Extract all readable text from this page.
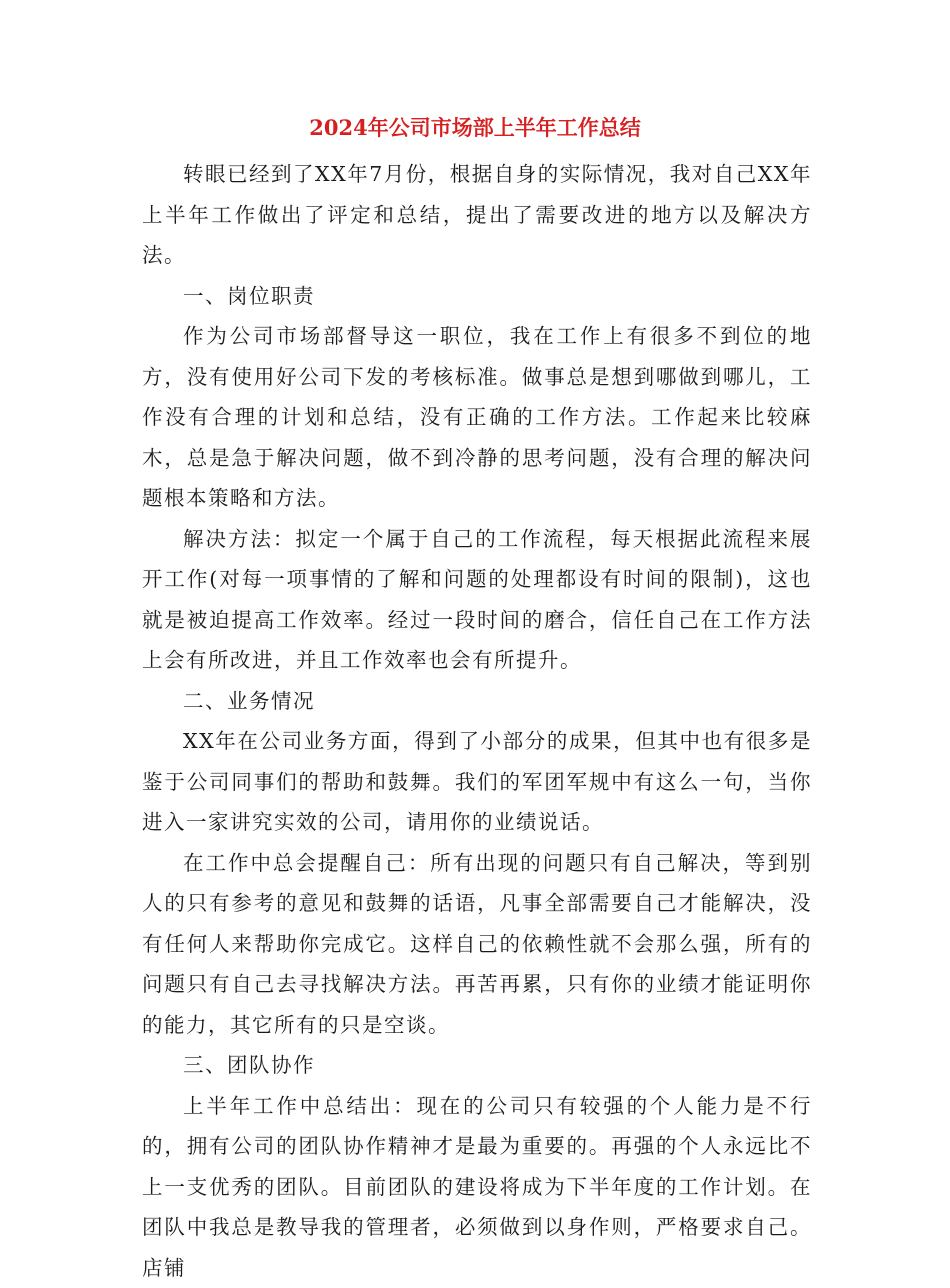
2024年公司市场部上半年工作总结

转眼已经到了XX年7月份，根据自身的实际情况，我对自己XX年上半年工作做出了评定和总结，提出了需要改进的地方以及解决方法。

一、岗位职责

作为公司市场部督导这一职位，我在工作上有很多不到位的地方，没有使用好公司下发的考核标准。做事总是想到哪做到哪儿，工作没有合理的计划和总结，没有正确的工作方法。工作起来比较麻木，总是急于解决问题，做不到冷静的思考问题，没有合理的解决问题根本策略和方法。

解决方法：拟定一个属于自己的工作流程，每天根据此流程来展开工作(对每一项事情的了解和问题的处理都设有时间的限制)，这也就是被迫提高工作效率。经过一段时间的磨合，信任自己在工作方法上会有所改进，并且工作效率也会有所提升。

二、业务情况

XX年在公司业务方面，得到了小部分的成果，但其中也有很多是鉴于公司同事们的帮助和鼓舞。我们的军团军规中有这么一句，当你进入一家讲究实效的公司，请用你的业绩说话。

在工作中总会提醒自己：所有出现的问题只有自己解决，等到别人的只有参考的意见和鼓舞的话语，凡事全部需要自己才能解决，没有任何人来帮助你完成它。这样自己的依赖性就不会那么强，所有的问题只有自己去寻找解决方法。再苦再累，只有你的业绩才能证明你的能力，其它所有的只是空谈。

三、团队协作

上半年工作中总结出：现在的公司只有较强的个人能力是不行的，拥有公司的团队协作精神才是最为重要的。再强的个人永远比不上一支优秀的团队。目前团队的建设将成为下半年度的工作计划。在团队中我总是教导我的管理者，必须做到以身作则，严格要求自己。店铺
